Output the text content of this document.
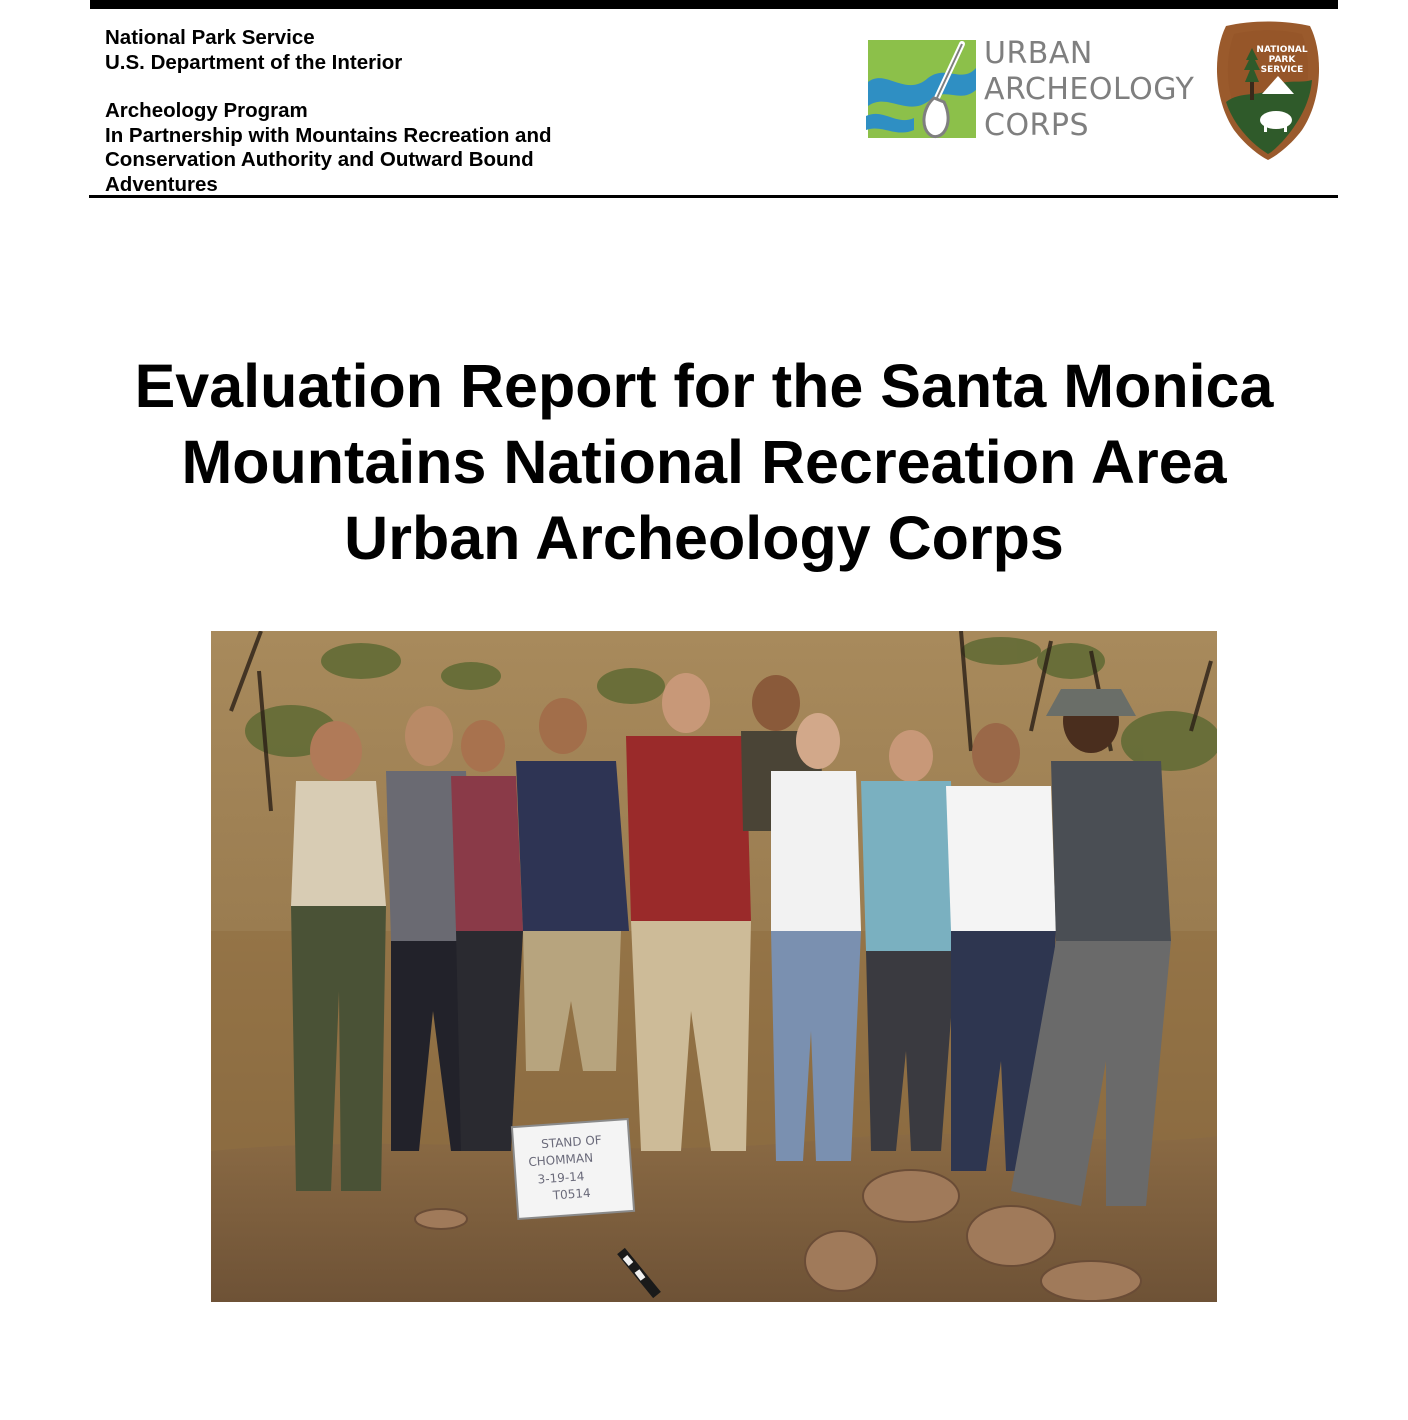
National Park Service
U.S. Department of the Interior
Archeology Program
In Partnership with Mountains Recreation and
Conservation Authority and Outward Bound
Adventures
URBAN
ARCHEOLOGY
CORPS
NATIONAL
PARK
SERVICE
Evaluation Report for the Santa Monica
Mountains National Recreation Area
Urban Archeology Corps
STAND OF
CHOMMAN
3-19-14
T0514
